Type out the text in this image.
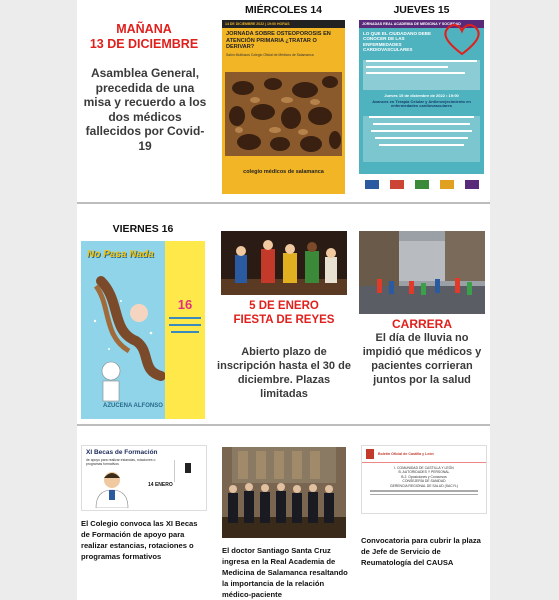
MAÑANA
13 DE DICIEMBRE
Asamblea General, precedida de una misa y recuerdo a los dos médicos fallecidos por Covid-19
MIÉRCOLES 14
14 DE DICIEMBRE 2022 | 19:00 HORAS
JORNADA SOBRE OSTEOPOROSIS EN ATENCIÓN PRIMARIA ¿TRATAR O DERIVAR?
Salón Multiusos Colegio Oficial de Médicos de Salamanca
colegio médicos de salamanca
JUEVES 15
JORNADAS REAL ACADEMIA DE MEDICINA Y SOCIEDAD
LO QUE EL CIUDADANO DEBE CONOCER DE LAS ENFERMEDADES CARDIOVASCULARES
Jueves 15 de diciembre de 2022 • 19:00
Avances en Terapia Celular y Antienvejecimiento en enfermedades cardiovasculares
VIERNES 16
No Pasa Nada
16
AZUCENA ALFONSO
5 DE ENERO
FIESTA DE REYES
Abierto plazo de inscripción hasta el 30 de diciembre. Plazas limitadas
CARRERA
El día de lluvia no impidió que médicos y pacientes corrieran juntos por la salud
XI Becas de Formación
de apoyo para realizar estancias, rotaciones o programas formativos
14 ENERO
El Colegio convoca las XI Becas de Formación de apoyo para realizar estancias, rotaciones o programas formativos
El doctor Santiago Santa Cruz ingresa en la Real Academia de Medicina de Salamanca resaltando la importancia de la relación médico-paciente
Boletín Oficial de Castilla y León
I. COMUNIDAD DE CASTILLA Y LEÓN
B. AUTORIDADES Y PERSONAL
B.2. Oposiciones y Concursos
CONSEJERÍA DE SANIDAD
GERENCIA REGIONAL DE SALUD (SACYL)
Convocatoria para cubrir la plaza de Jefe de Servicio de Reumatología del CAUSA
